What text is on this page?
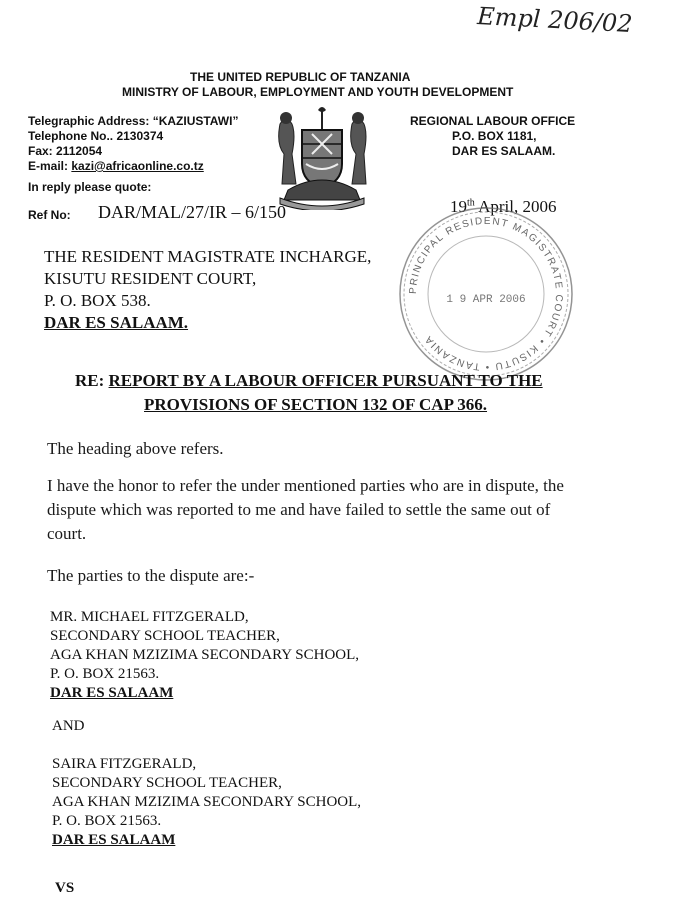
Empl 206/02
THE UNITED REPUBLIC OF TANZANIA
MINISTRY OF LABOUR, EMPLOYMENT AND YOUTH DEVELOPMENT
Telegraphic Address: “KAZIUSTAWI”
Telephone No.. 2130374
Fax: 2112054
E-mail: kazi@africaonline.co.tz
In reply please quote:
Ref No: DAR/MAL/27/IR – 6/150
REGIONAL LABOUR OFFICE
P.O. BOX 1181,
DAR ES SALAAM.
19th April, 2006
PRINCIPAL RESIDENT MAGISTRATE COURT • KISUTU • TANZANIA
1 9 APR 2006
THE RESIDENT MAGISTRATE INCHARGE,
KISUTU RESIDENT COURT,
P. O. BOX 538.
DAR ES SALAAM.
RE: REPORT BY A LABOUR OFFICER PURSUANT TO THE
PROVISIONS OF SECTION 132 OF CAP 366.
The heading above refers.
I have the honor to refer the under mentioned parties who are in dispute, the
dispute which was reported to me and have failed to settle the same out of
court.
The parties to the dispute are:-
MR. MICHAEL FITZGERALD,
SECONDARY SCHOOL TEACHER,
AGA KHAN MZIZIMA SECONDARY SCHOOL,
P. O. BOX 21563.
DAR ES SALAAM
AND
SAIRA FITZGERALD,
SECONDARY SCHOOL TEACHER,
AGA KHAN MZIZIMA SECONDARY SCHOOL,
P. O. BOX 21563.
DAR ES SALAAM
VS
